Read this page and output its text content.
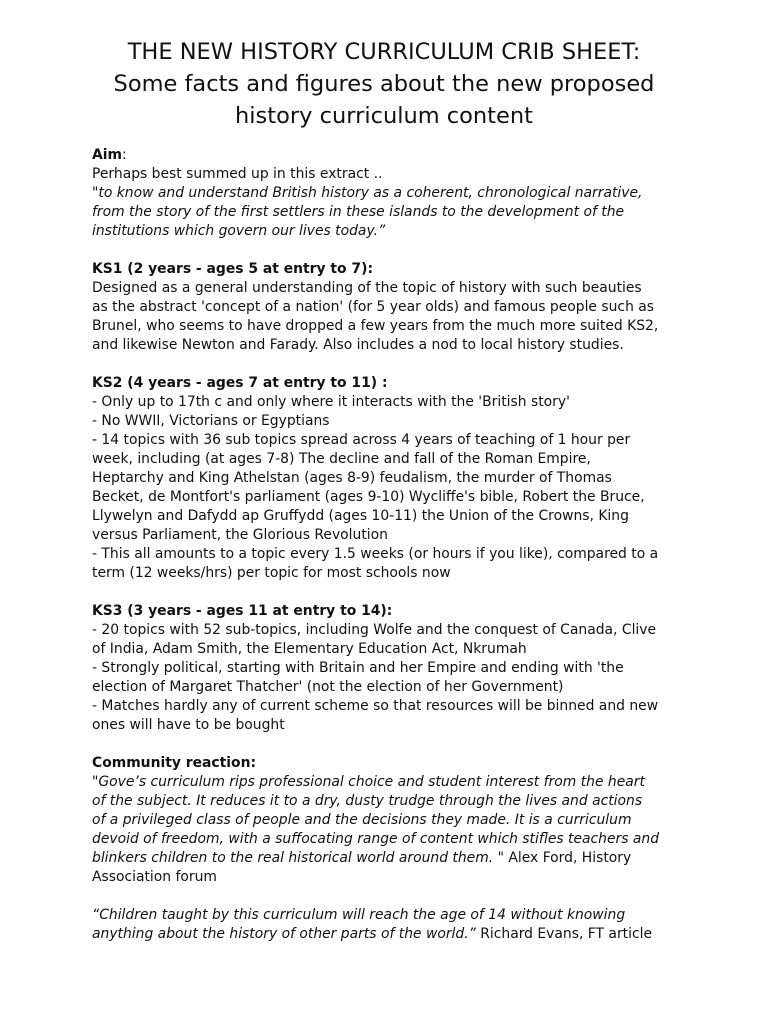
THE NEW HISTORY CURRICULUM CRIB SHEET:
Some facts and figures about the new proposed
history curriculum content
Aim:
Perhaps best summed up in this extract ..
"to know and understand British history as a coherent, chronological narrative,
from the story of the first settlers in these islands to the development of the
institutions which govern our lives today.”
KS1 (2 years - ages 5 at entry to 7):
Designed as a general understanding of the topic of history with such beauties
as the abstract 'concept of a nation' (for 5 year olds) and famous people such as
Brunel, who seems to have dropped a few years from the much more suited KS2,
and likewise Newton and Farady. Also includes a nod to local history studies.
KS2 (4 years - ages 7 at entry to 11) :
- Only up to 17th c and only where it interacts with the 'British story'
- No WWII, Victorians or Egyptians
- 14 topics with 36 sub topics spread across 4 years of teaching of 1 hour per
week, including (at ages 7-8) The decline and fall of the Roman Empire,
Heptarchy and King Athelstan (ages 8-9) feudalism, the murder of Thomas
Becket, de Montfort's parliament (ages 9-10) Wycliffe's bible, Robert the Bruce,
Llywelyn and Dafydd ap Gruffydd (ages 10-11) the Union of the Crowns, King
versus Parliament, the Glorious Revolution
- This all amounts to a topic every 1.5 weeks (or hours if you like), compared to a
term (12 weeks/hrs) per topic for most schools now
KS3 (3 years - ages 11 at entry to 14):
- 20 topics with 52 sub-topics, including Wolfe and the conquest of Canada, Clive
of India, Adam Smith, the Elementary Education Act, Nkrumah
- Strongly political, starting with Britain and her Empire and ending with 'the
election of Margaret Thatcher' (not the election of her Government)
- Matches hardly any of current scheme so that resources will be binned and new
ones will have to be bought
Community reaction:
"Gove’s curriculum rips professional choice and student interest from the heart
of the subject. It reduces it to a dry, dusty trudge through the lives and actions
of a privileged class of people and the decisions they made. It is a curriculum
devoid of freedom, with a suffocating range of content which stifles teachers and
blinkers children to the real historical world around them. " Alex Ford, History
Association forum
“Children taught by this curriculum will reach the age of 14 without knowing
anything about the history of other parts of the world.” Richard Evans, FT article
